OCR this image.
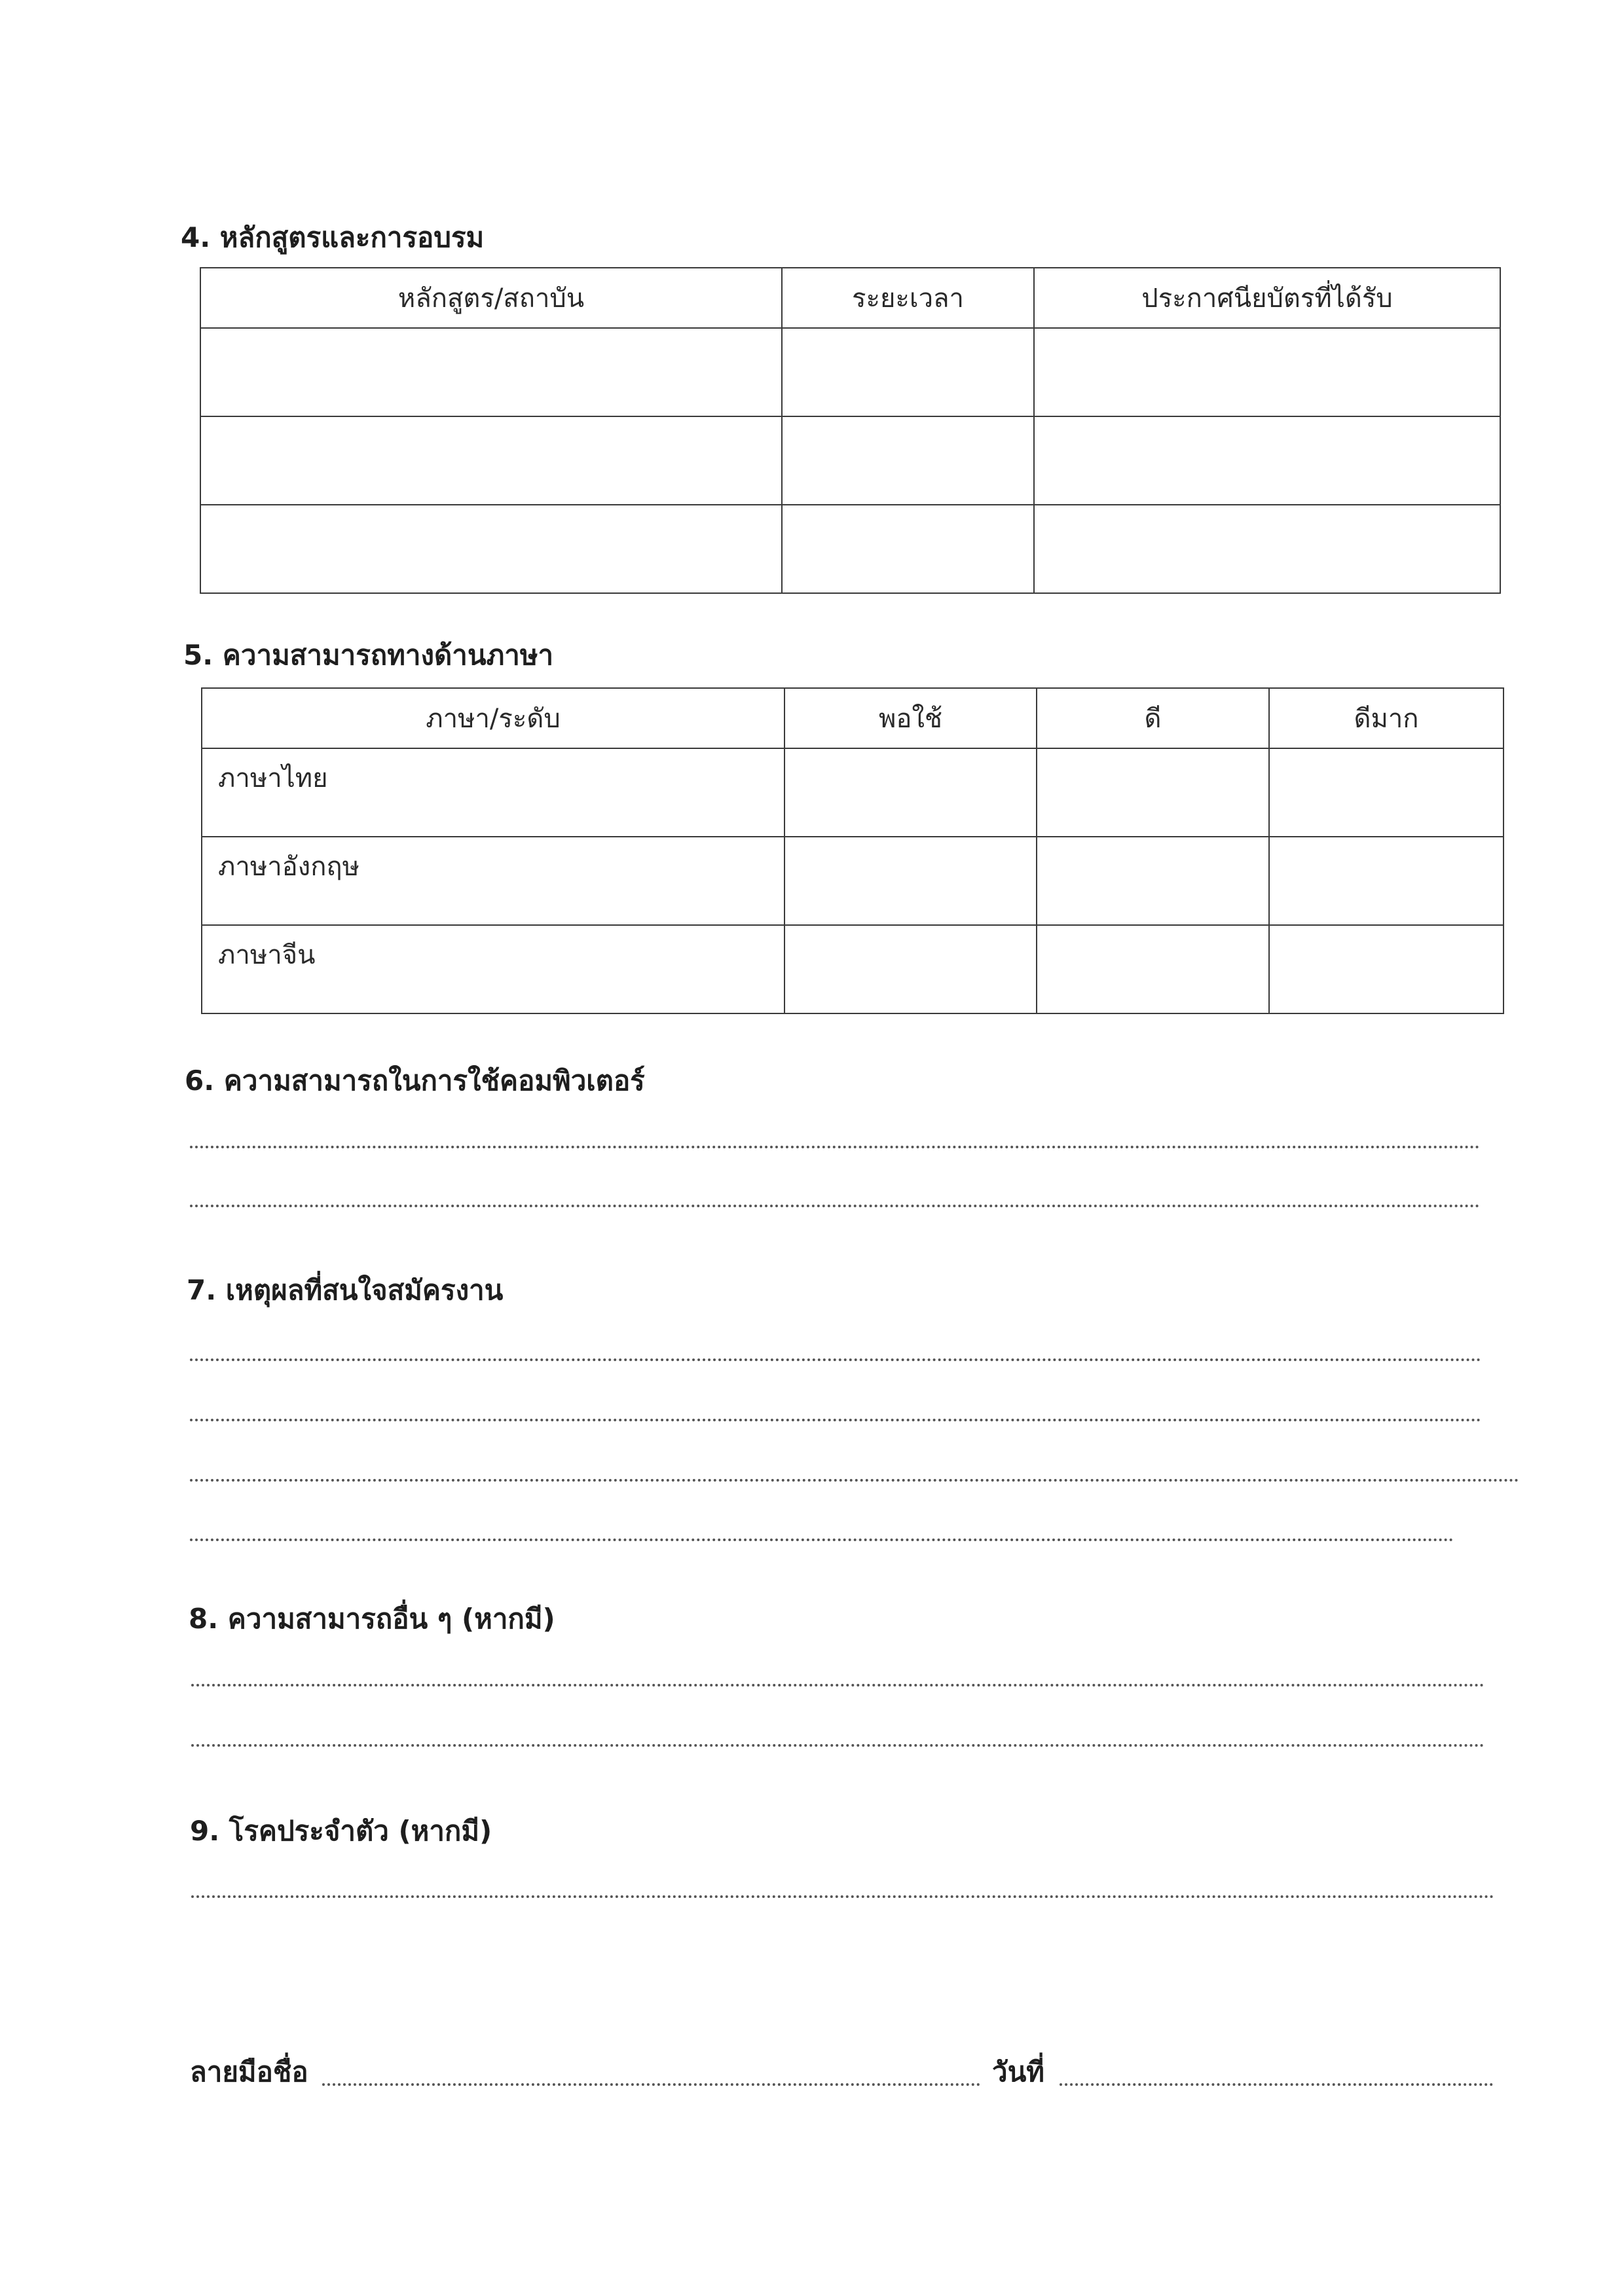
4. หลักสูตรและการอบรม
หลักสูตร/สถาบัน	ระยะเวลา	ประกาศนียบัตรที่ได้รับ

5. ความสามารถทางด้านภาษา
ภาษา/ระดับ	พอใช้	ดี	ดีมาก
ภาษาไทย			
ภาษาอังกฤษ			
ภาษาจีน			
6. ความสามารถในการใช้คอมพิวเตอร์
7. เหตุผลที่สนใจสมัครงาน
8. ความสามารถอื่น ๆ (หากมี)
9. โรคประจำตัว (หากมี)
ลายมือชื่อ	วันที่
